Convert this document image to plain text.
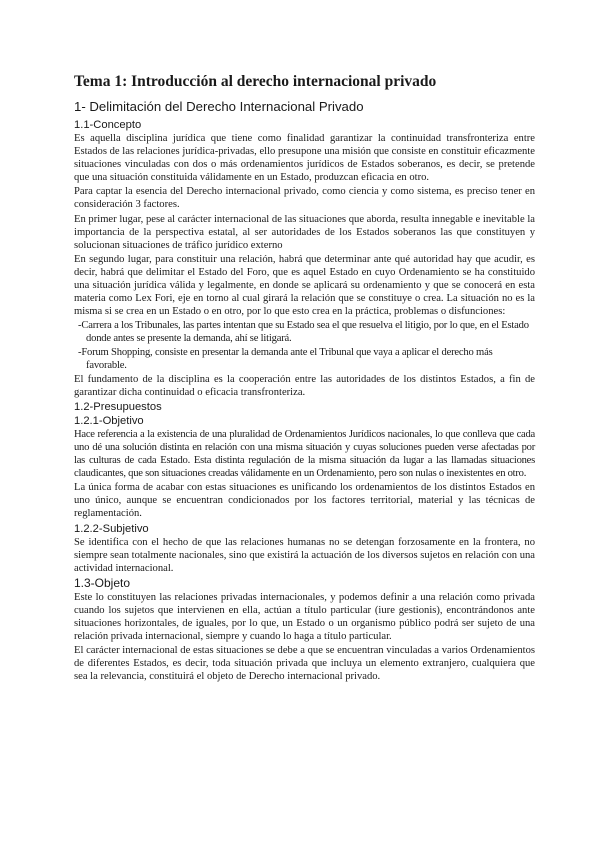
Tema 1: Introducción al derecho internacional privado
1- Delimitación del Derecho Internacional Privado
1.1-Concepto

Es aquella disciplina jurídica que tiene como finalidad garantizar la continuidad transfronteriza entre Estados de las relaciones jurídica-privadas, ello presupone una misión que consiste en constituir eficazmente situaciones vinculadas con dos o más ordenamientos jurídicos de Estados soberanos, es decir, se pretende que una situación constituida válidamente en un Estado, produzcan eficacia en otro.

Para captar la esencia del Derecho internacional privado, como ciencia y como sistema, es preciso tener en consideración 3 factores.

En primer lugar, pese al carácter internacional de las situaciones que aborda, resulta innegable e inevitable la importancia de la perspectiva estatal, al ser autoridades de los Estados soberanos las que constituyen y solucionan situaciones de tráfico jurídico externo

En segundo lugar, para constituir una relación, habrá que determinar ante qué autoridad hay que acudir, es decir, habrá que delimitar el Estado del Foro, que es aquel Estado en cuyo Ordenamiento se ha constituido una situación jurídica válida y legalmente, en donde se aplicará su ordenamiento y que se conocerá en esta materia como Lex Fori, eje en torno al cual girará la relación que se constituye o crea. La situación no es la misma si se crea en un Estado o en otro, por lo que esto crea en la práctica, problemas o disfunciones:

-Carrera a los Tribunales, las partes intentan que su Estado sea el que resuelva el litigio, por lo que, en el Estado donde antes se presente la demanda, ahí se litigará.
-Forum Shopping, consiste en presentar la demanda ante el Tribunal que vaya a aplicar el derecho más favorable.

El fundamento de la disciplina es la cooperación entre las autoridades de los distintos Estados, a fin de garantizar dicha continuidad o eficacia transfronteriza.

1.2-Presupuestos
1.2.1-Objetivo

Hace referencia a la existencia de una pluralidad de Ordenamientos Jurídicos nacionales, lo que conlleva que cada uno dé una solución distinta en relación con una misma situación y cuyas soluciones pueden verse afectadas por las culturas de cada Estado. Esta distinta regulación de la misma situación da lugar a las llamadas situaciones claudicantes, que son situaciones creadas válidamente en un Ordenamiento, pero son nulas o inexistentes en otro.

La única forma de acabar con estas situaciones es unificando los ordenamientos de los distintos Estados en uno único, aunque se encuentran condicionados por los factores territorial, material y las técnicas de reglamentación.

1.2.2-Subjetivo

Se identifica con el hecho de que las relaciones humanas no se detengan forzosamente en la frontera, no siempre sean totalmente nacionales, sino que existirá la actuación de los diversos sujetos en relación con una actividad internacional.

1.3-Objeto

Este lo constituyen las relaciones privadas internacionales, y podemos definir a una relación como privada cuando los sujetos que intervienen en ella, actúan a título particular (iure gestionis), encontrándonos ante situaciones horizontales, de iguales, por lo que, un Estado o un organismo público podrá ser sujeto de una relación privada internacional, siempre y cuando lo haga a título particular.

El carácter internacional de estas situaciones se debe a que se encuentran vinculadas a varios Ordenamientos de diferentes Estados, es decir, toda situación privada que incluya un elemento extranjero, cualquiera que sea la relevancia, constituirá el objeto de Derecho internacional privado.
